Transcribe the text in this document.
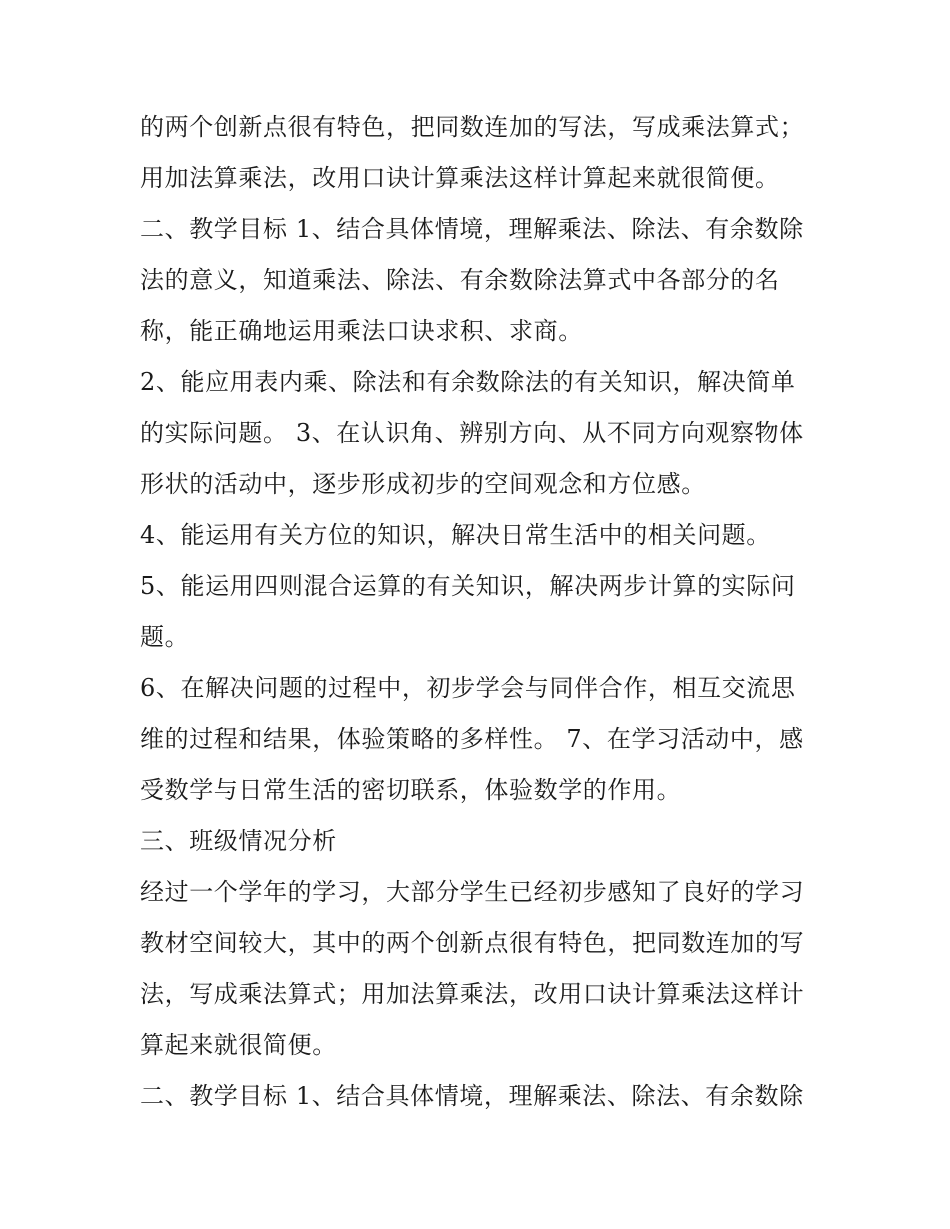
的两个创新点很有特色，把同数连加的写法，写成乘法算式；
用加法算乘法，改用口诀计算乘法这样计算起来就很简便。
二、教学目标 1、结合具体情境，理解乘法、除法、有余数除
法的意义，知道乘法、除法、有余数除法算式中各部分的名
称，能正确地运用乘法口诀求积、求商。
2、能应用表内乘、除法和有余数除法的有关知识，解决简单
的实际问题。 3、在认识角、辨别方向、从不同方向观察物体
形状的活动中，逐步形成初步的空间观念和方位感。
4、能运用有关方位的知识，解决日常生活中的相关问题。
5、能运用四则混合运算的有关知识，解决两步计算的实际问
题。
6、在解决问题的过程中，初步学会与同伴合作，相互交流思
维的过程和结果，体验策略的多样性。 7、在学习活动中，感
受数学与日常生活的密切联系，体验数学的作用。
三、班级情况分析
经过一个学年的学习，大部分学生已经初步感知了良好的学习
教材空间较大，其中的两个创新点很有特色，把同数连加的写
法，写成乘法算式；用加法算乘法，改用口诀计算乘法这样计
算起来就很简便。
二、教学目标 1、结合具体情境，理解乘法、除法、有余数除
